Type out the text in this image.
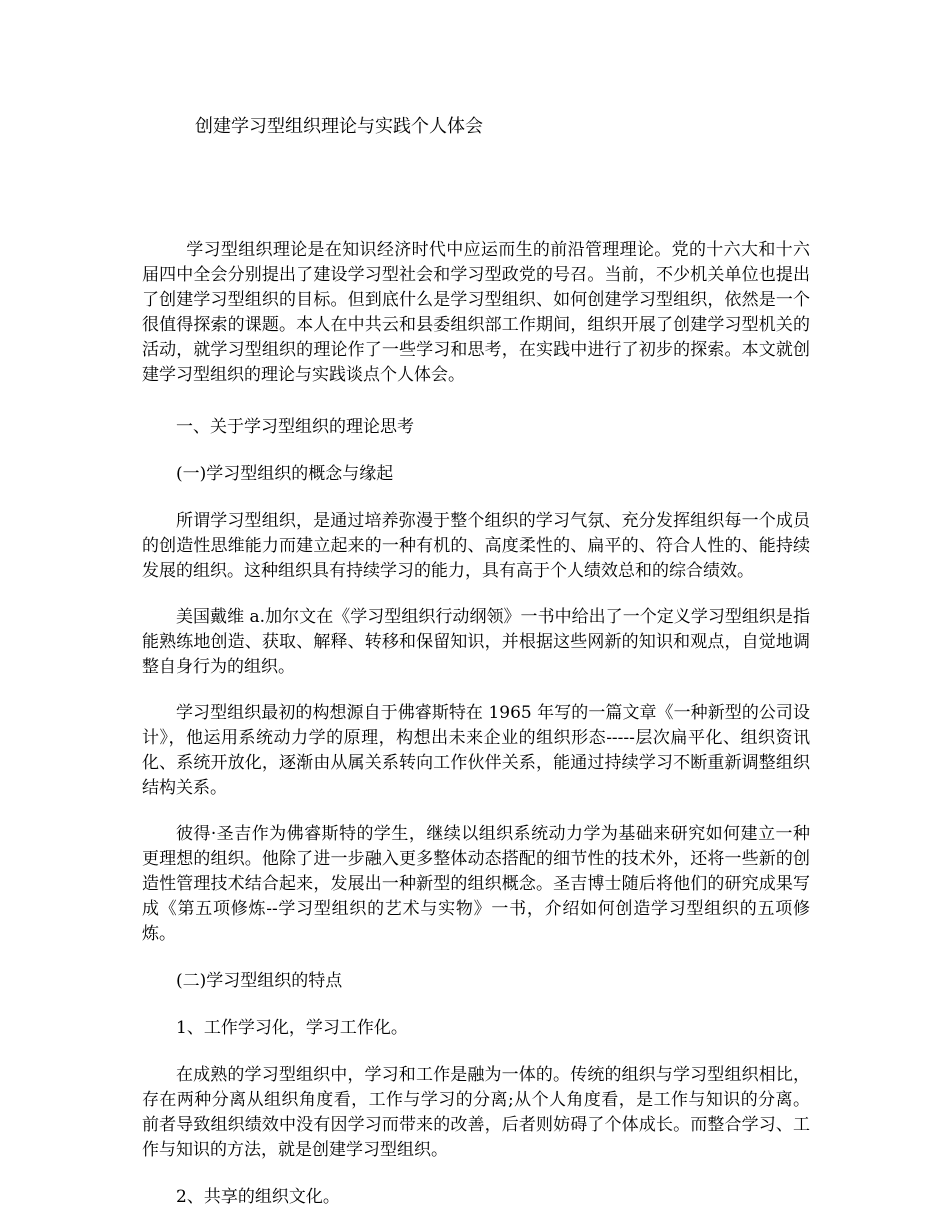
创建学习型组织理论与实践个人体会

学习型组织理论是在知识经济时代中应运而生的前沿管理理论。党的十六大和十六届四中全会分别提出了建设学习型社会和学习型政党的号召。当前，不少机关单位也提出了创建学习型组织的目标。但到底什么是学习型组织、如何创建学习型组织，依然是一个很值得探索的课题。本人在中共云和县委组织部工作期间，组织开展了创建学习型机关的活动，就学习型组织的理论作了一些学习和思考，在实践中进行了初步的探索。本文就创建学习型组织的理论与实践谈点个人体会。

一、关于学习型组织的理论思考

(一)学习型组织的概念与缘起

所谓学习型组织，是通过培养弥漫于整个组织的学习气氛、充分发挥组织每一个成员的创造性思维能力而建立起来的一种有机的、高度柔性的、扁平的、符合人性的、能持续发展的组织。这种组织具有持续学习的能力，具有高于个人绩效总和的综合绩效。

美国戴维 a.加尔文在《学习型组织行动纲领》一书中给出了一个定义学习型组织是指能熟练地创造、获取、解释、转移和保留知识，并根据这些网新的知识和观点，自觉地调整自身行为的组织。

学习型组织最初的构想源自于佛睿斯特在 1965 年写的一篇文章《一种新型的公司设计》，他运用系统动力学的原理，构想出未来企业的组织形态-----层次扁平化、组织资讯化、系统开放化，逐渐由从属关系转向工作伙伴关系，能通过持续学习不断重新调整组织结构关系。

彼得·圣吉作为佛睿斯特的学生，继续以组织系统动力学为基础来研究如何建立一种更理想的组织。他除了进一步融入更多整体动态搭配的细节性的技术外，还将一些新的创造性管理技术结合起来，发展出一种新型的组织概念。圣吉博士随后将他们的研究成果写成《第五项修炼--学习型组织的艺术与实物》一书，介绍如何创造学习型组织的五项修炼。

(二)学习型组织的特点

1、工作学习化，学习工作化。

在成熟的学习型组织中，学习和工作是融为一体的。传统的组织与学习型组织相比，存在两种分离从组织角度看，工作与学习的分离;从个人角度看，是工作与知识的分离。前者导致组织绩效中没有因学习而带来的改善，后者则妨碍了个体成长。而整合学习、工作与知识的方法，就是创建学习型组织。

2、共享的组织文化。
